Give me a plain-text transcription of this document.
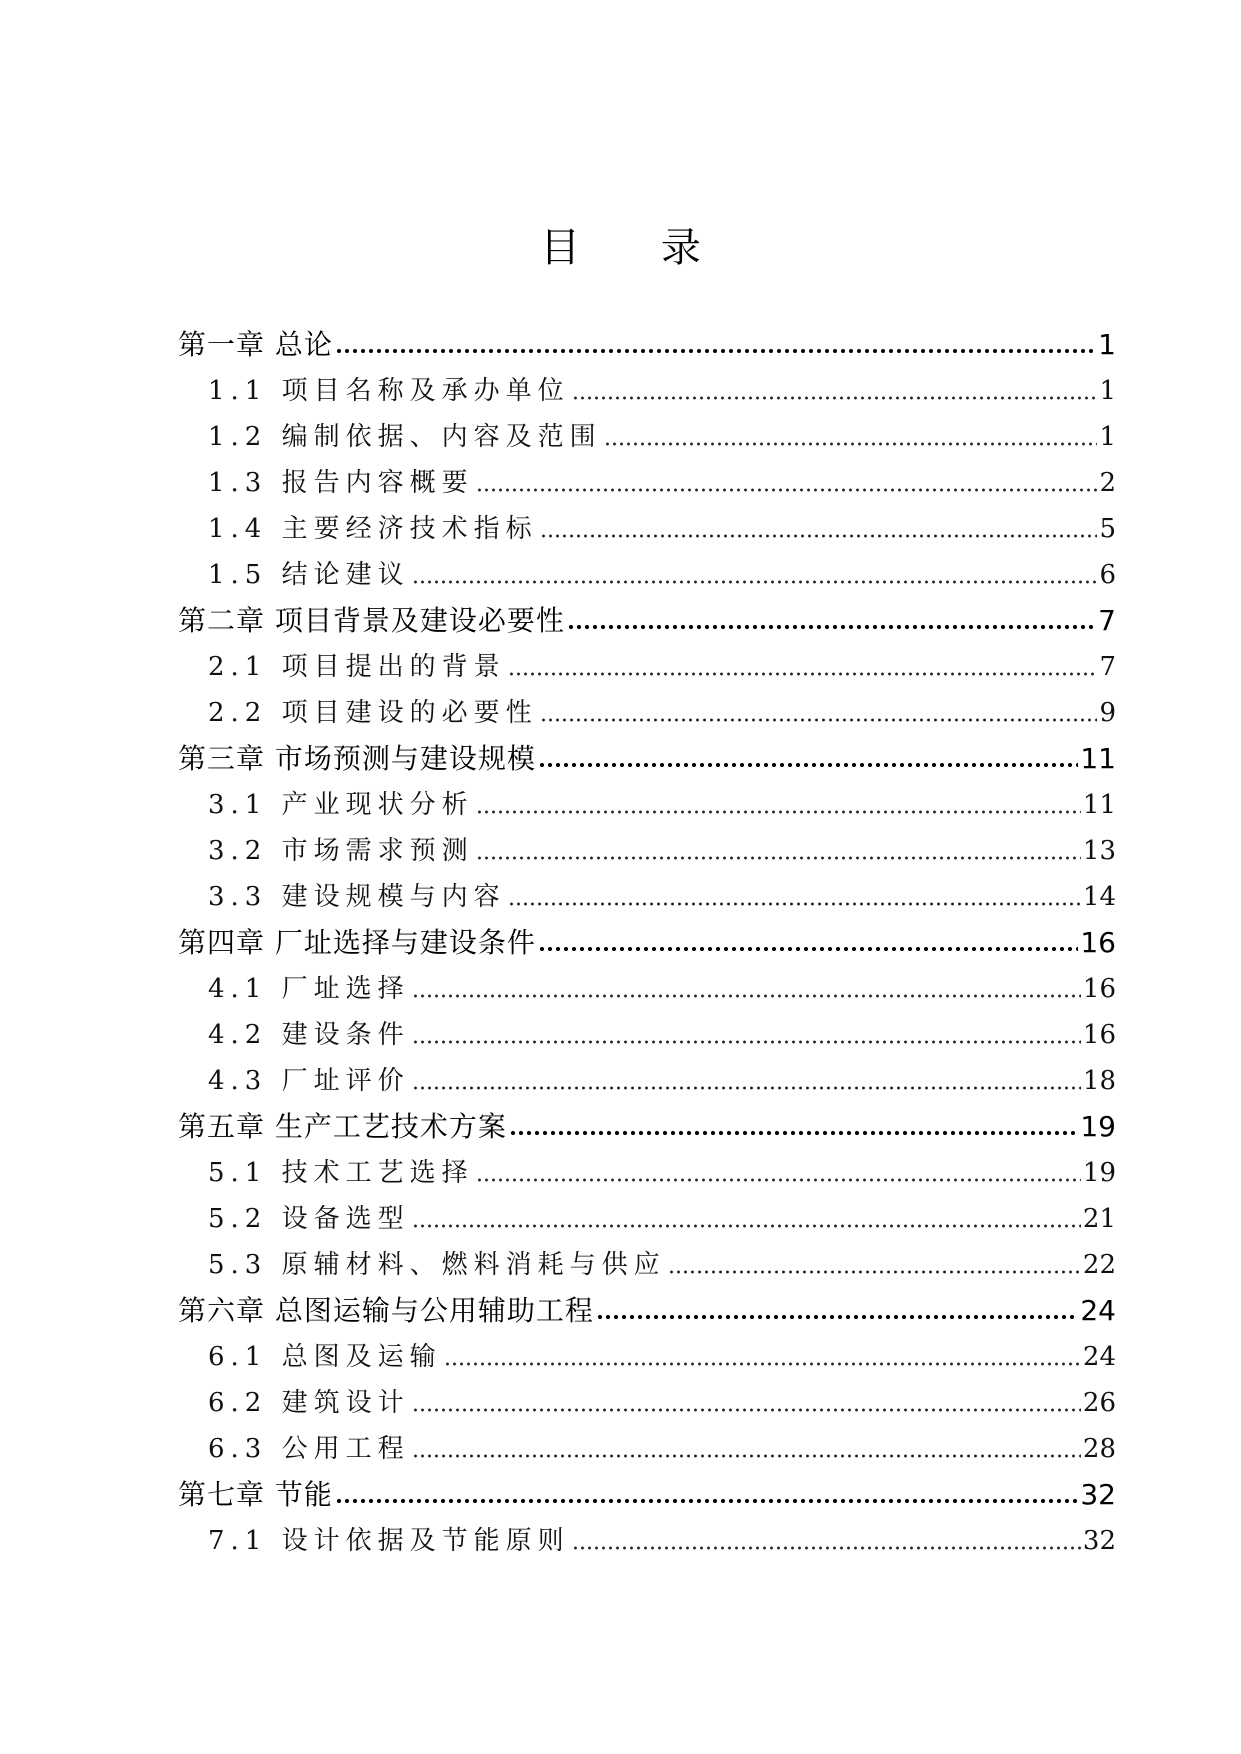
目 录
第一章 总论	1
1.1 项目名称及承办单位	1
1.2 编制依据、内容及范围	1
1.3 报告内容概要	2
1.4 主要经济技术指标	5
1.5 结论建议	6
第二章 项目背景及建设必要性	7
2.1 项目提出的背景	7
2.2 项目建设的必要性	9
第三章 市场预测与建设规模	11
3.1 产业现状分析	11
3.2 市场需求预测	13
3.3 建设规模与内容	14
第四章 厂址选择与建设条件	16
4.1 厂址选择	16
4.2 建设条件	16
4.3 厂址评价	18
第五章 生产工艺技术方案	19
5.1 技术工艺选择	19
5.2 设备选型	21
5.3 原辅材料、燃料消耗与供应	22
第六章 总图运输与公用辅助工程	24
6.1 总图及运输	24
6.2 建筑设计	26
6.3 公用工程	28
第七章 节能	32
7.1 设计依据及节能原则	32
